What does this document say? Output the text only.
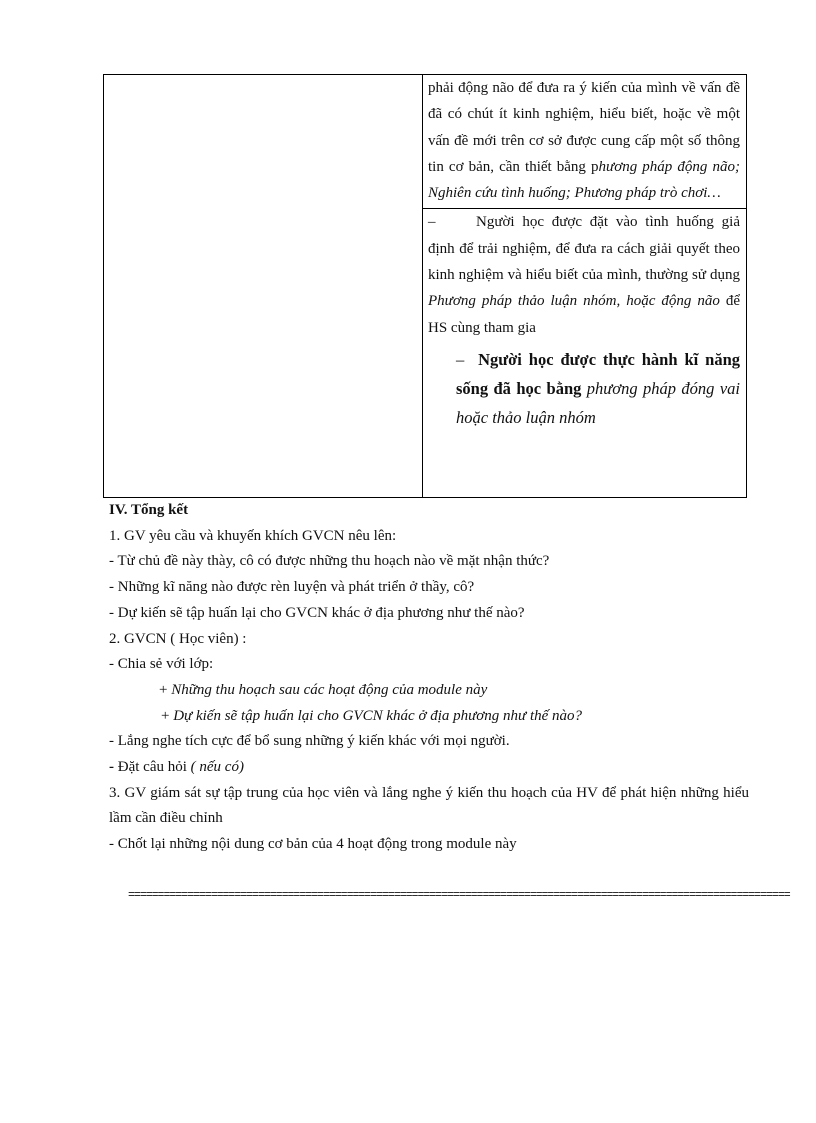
phải động não để đưa ra ý kiến của mình về vấn đề đã có chút ít kinh nghiệm, hiểu biết, hoặc về một vấn đề mới trên cơ sở được cung cấp một số thông tin cơ bản, cần thiết bằng phương pháp động não; Nghiên cứu tình huống; Phương pháp trò chơi…

–	Người học được đặt vào tình huống giả định để trải nghiệm, để đưa ra cách giải quyết theo kinh nghiệm và hiểu biết của mình, thường sử dụng Phương pháp thảo luận nhóm, hoặc động não để HS cùng tham gia

– Người học được thực hành kĩ năng sống đã học bằng phương pháp đóng vai hoặc thảo luận nhóm

IV. Tổng kết

1. GV yêu cầu và khuyến khích GVCN nêu lên:

- Từ chủ đề này thày, cô có được những thu hoạch nào về mặt nhận thức?

- Những kĩ năng nào được rèn luyện và phát triển ở thầy, cô?

- Dự kiến sẽ tập huấn lại cho GVCN khác ở địa phương như thế nào?

2. GVCN ( Học viên) :

- Chia sẻ với lớp:

+ Những thu hoạch sau các hoạt động của module này

+ Dự kiến sẽ tập huấn lại cho GVCN khác ở địa phương như thế nào?

- Lắng nghe tích cực để bổ sung những ý kiến khác với mọi người.

- Đặt câu hỏi ( nếu có)

3. GV giám sát sự tập trung của học viên và lắng nghe ý kiến thu hoạch của HV để phát hiện những hiểu lầm cần điều chỉnh

- Chốt lại những nội dung cơ bản của 4 hoạt động trong module này

================================================================================================================
